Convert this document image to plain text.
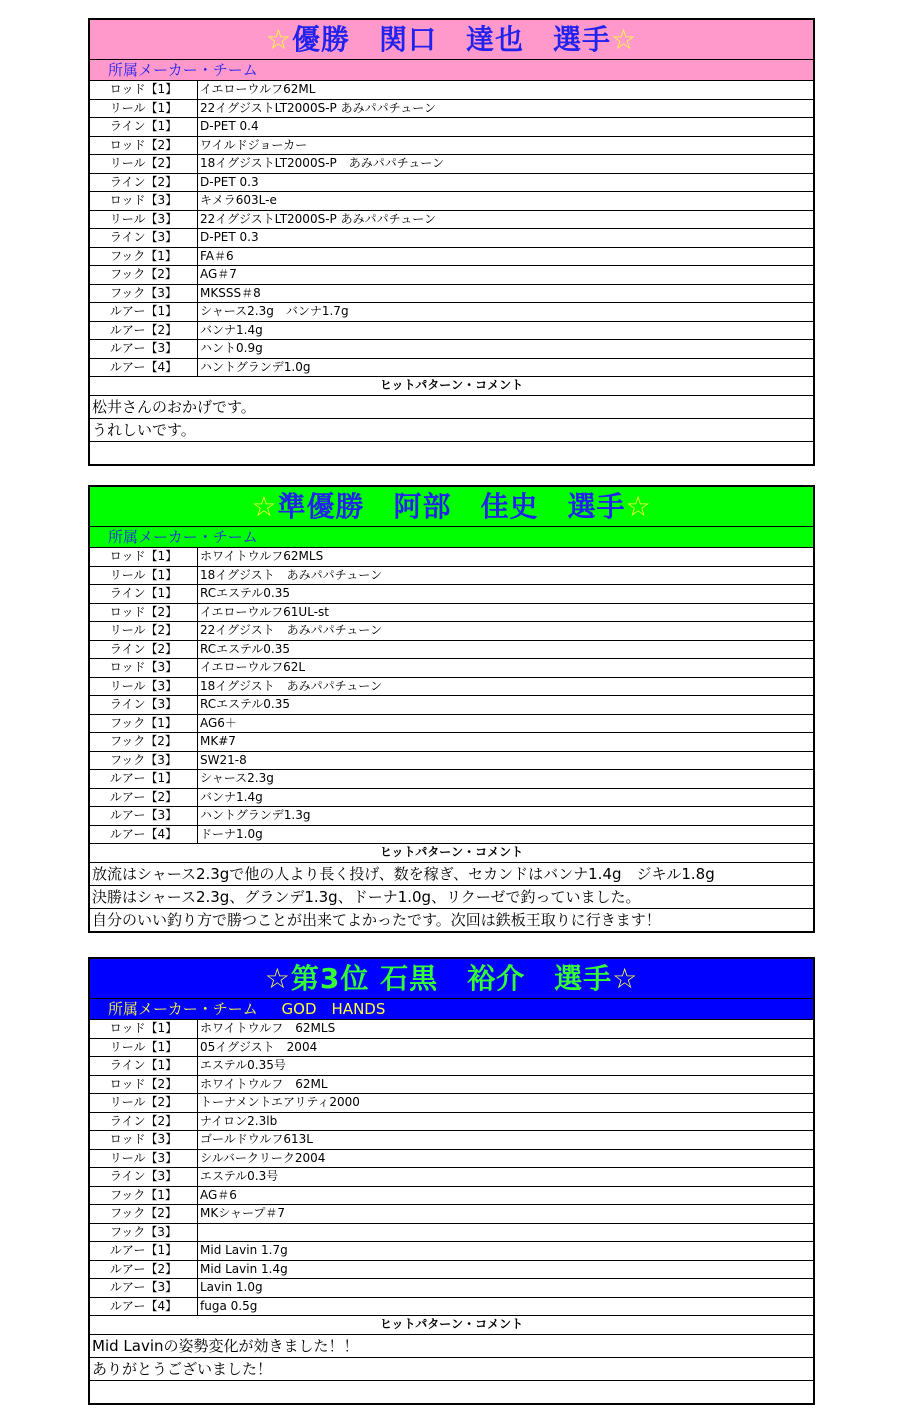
☆優勝　関口　達也　選手☆
所属メーカー・チーム
ロッド【1】	イエローウルフ62ML
リール【1】	22イグジストLT2000S-P あみパパチューン
ライン【1】	D-PET 0.4
ロッド【2】	ワイルドジョーカー
リール【2】	18イグジストLT2000S-P　あみパパチューン
ライン【2】	D-PET 0.3
ロッド【3】	キメラ603L-e
リール【3】	22イグジストLT2000S-P あみパパチューン
ライン【3】	D-PET 0.3
フック【1】	FA＃6
フック【2】	AG＃7
フック【3】	MKSSS＃8
ルアー【1】	シャース2.3g　バンナ1.7g
ルアー【2】	バンナ1.4g
ルアー【3】	ハント0.9g
ルアー【4】	ハントグランデ1.0g
ヒットパターン・コメント
松井さんのおかげです。
うれしいです。
☆準優勝　阿部　佳史　選手☆
所属メーカー・チーム
ロッド【1】	ホワイトウルフ62MLS
リール【1】	18イグジスト　あみパパチューン
ライン【1】	RCエステル0.35
ロッド【2】	イエローウルフ61UL-st
リール【2】	22イグジスト　あみパパチューン
ライン【2】	RCエステル0.35
ロッド【3】	イエローウルフ62L
リール【3】	18イグジスト　あみパパチューン
ライン【3】	RCエステル0.35
フック【1】	AG6＋
フック【2】	MK#7
フック【3】	SW21-8
ルアー【1】	シャース2.3g
ルアー【2】	バンナ1.4g
ルアー【3】	ハントグランデ1.3g
ルアー【4】	ドーナ1.0g
ヒットパターン・コメント
放流はシャース2.3gで他の人より長く投げ、数を稼ぎ、セカンドはバンナ1.4g　ジキル1.8g
決勝はシャース2.3g、グランデ1.3g、ドーナ1.0g、リクーゼで釣っていました。
自分のいい釣り方で勝つことが出来てよかったです。次回は鉄板王取りに行きます！
☆第3位 石黒　裕介　選手☆
所属メーカー・チーム GOD　HANDS
ロッド【1】	ホワイトウルフ　62MLS
リール【1】	05イグジスト　2004
ライン【1】	エステル0.35号
ロッド【2】	ホワイトウルフ　62ML
リール【2】	トーナメントエアリティ2000
ライン【2】	ナイロン2.3lb
ロッド【3】	ゴールドウルフ613L
リール【3】	シルバークリーク2004
ライン【3】	エステル0.3号
フック【1】	AG＃6
フック【2】	MKシャープ＃7
フック【3】
ルアー【1】	Mid Lavin 1.7g
ルアー【2】	Mid Lavin 1.4g
ルアー【3】	Lavin 1.0g
ルアー【4】	fuga 0.5g
ヒットパターン・コメント
Mid Lavinの姿勢変化が効きました！！
ありがとうございました！
